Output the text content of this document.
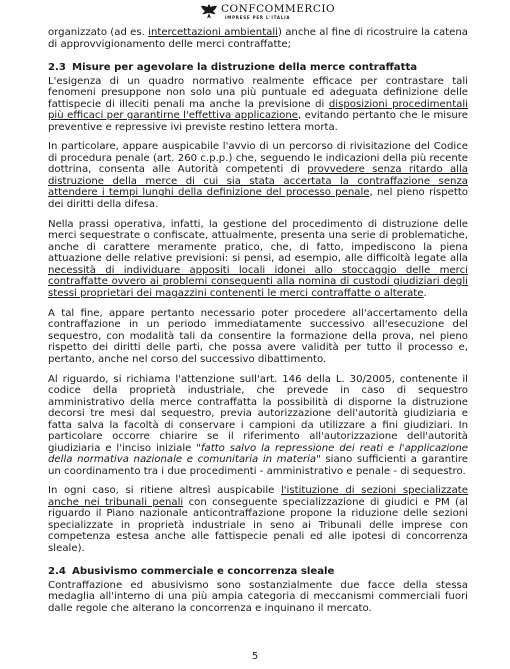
CONFCOMMERCIO
IMPRESE PER L'ITALIA

organizzato (ad es. intercettazioni ambientali) anche al fine di ricostruire la catena di approvvigionamento delle merci contraffatte;

2.3 Misure per agevolare la distruzione della merce contraffatta

L'esigenza di un quadro normativo realmente efficace per contrastare tali fenomeni presuppone non solo una più puntuale ed adeguata definizione delle fattispecie di illeciti penali ma anche la previsione di disposizioni procedimentali più efficaci per garantirne l'effettiva applicazione, evitando pertanto che le misure preventive e repressive ivi previste restino lettera morta.

In particolare, appare auspicabile l'avvio di un percorso di rivisitazione del Codice di procedura penale (art. 260 c.p.p.) che, seguendo le indicazioni della più recente dottrina, consenta alle Autorità competenti di provvedere senza ritardo alla distruzione della merce di cui sia stata accertata la contraffazione senza attendere i tempi lunghi della definizione del processo penale, nel pieno rispetto dei diritti della difesa.

Nella prassi operativa, infatti, la gestione del procedimento di distruzione delle merci sequestrate o confiscate, attualmente, presenta una serie di problematiche, anche di carattere meramente pratico, che, di fatto, impediscono la piena attuazione delle relative previsioni: si pensi, ad esempio, alle difficoltà legate alla necessità di individuare appositi locali idonei allo stoccaggio delle merci contraffatte ovvero ai problemi conseguenti alla nomina di custodi giudiziari degli stessi proprietari dei magazzini contenenti le merci contraffatte o alterate.

A tal fine, appare pertanto necessario poter procedere all'accertamento della contraffazione in un periodo immediatamente successivo all'esecuzione del sequestro, con modalità tali da consentire la formazione della prova, nel pieno rispetto dei diritti delle parti, che possa avere validità per tutto il processo e, pertanto, anche nel corso del successivo dibattimento.

Al riguardo, si richiama l'attenzione sull'art. 146 della L. 30/2005, contenente il codice della proprietà industriale, che prevede in caso di sequestro amministrativo della merce contraffatta la possibilità di disporne la distruzione decorsi tre mesi dal sequestro, previa autorizzazione dell'autorità giudiziaria e fatta salva la facoltà di conservare i campioni da utilizzare a fini giudiziari. In particolare occorre chiarire se il riferimento all'autorizzazione dell'autorità giudiziaria e l'inciso iniziale "fatto salvo la repressione dei reati e l'applicazione della normativa nazionale e comunitaria in materia" siano sufficienti a garantire un coordinamento tra i due procedimenti - amministrativo e penale - di sequestro.

In ogni caso, si ritiene altresì auspicabile l'istituzione di sezioni specializzate anche nei tribunali penali con conseguente specializzazione di giudici e PM (al riguardo il Piano nazionale anticontraffazione propone la riduzione delle sezioni specializzate in proprietà industriale in seno ai Tribunali delle imprese con competenza estesa anche alle fattispecie penali ed alle ipotesi di concorrenza sleale).

2.4 Abusivismo commerciale e concorrenza sleale

Contraffazione ed abusivismo sono sostanzialmente due facce della stessa medaglia all'interno di una più ampia categoria di meccanismi commerciali fuori dalle regole che alterano la concorrenza e inquinano il mercato.

5
